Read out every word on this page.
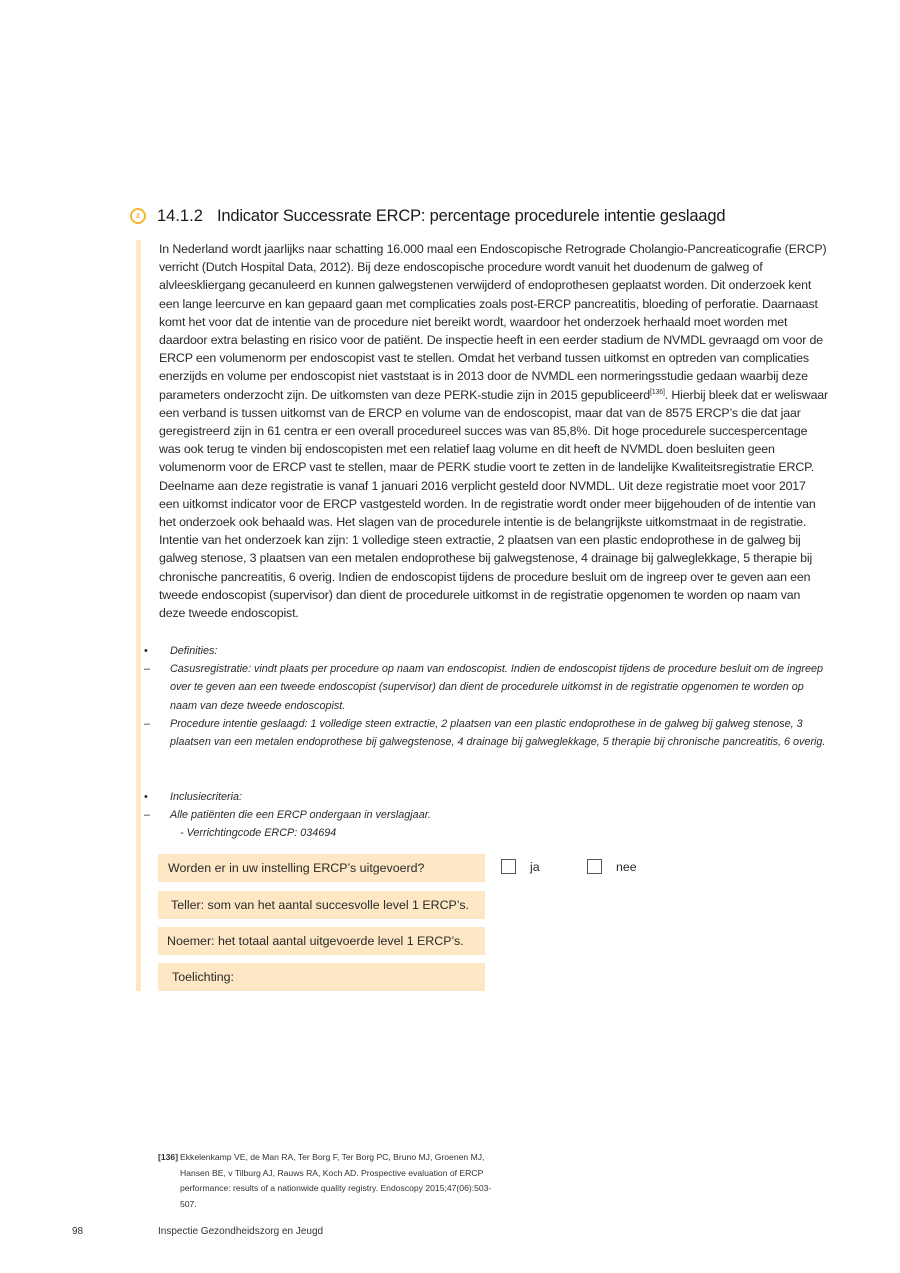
z	14.1.2 Indicator Successrate ERCP: percentage procedurele intentie geslaagd
In Nederland wordt jaarlijks naar schatting 16.000 maal een Endoscopische Retrograde Cholangio-Pancreaticografie (ERCP) verricht (Dutch Hospital Data, 2012). Bij deze endoscopische procedure wordt vanuit het duodenum de galweg of alvleeskliergang gecanuleerd en kunnen galwegstenen verwijderd of endoprothesen geplaatst worden. Dit onderzoek kent een lange leercurve en kan gepaard gaan met complicaties zoals post-ERCP pancreatitis, bloeding of perforatie. Daarnaast komt het voor dat de intentie van de procedure niet bereikt wordt, waardoor het onderzoek herhaald moet worden met daardoor extra belasting en risico voor de patiënt. De inspectie heeft in een eerder stadium de NVMDL gevraagd om voor de ERCP een volumenorm per endoscopist vast te stellen. Omdat het verband tussen uitkomst en optreden van complicaties enerzijds en volume per endoscopist niet vaststaat is in 2013 door de NVMDL een normeringsstudie gedaan waarbij deze parameters onderzocht zijn. De uitkomsten van deze PERK-studie zijn in 2015 gepubliceerd[136]. Hierbij bleek dat er weliswaar een verband is tussen uitkomst van de ERCP en volume van de endoscopist, maar dat van de 8575 ERCP’s die dat jaar geregistreerd zijn in 61 centra er een overall procedureel succes was van 85,8%. Dit hoge procedurele succespercentage was ook terug te vinden bij endoscopisten met een relatief laag volume en dit heeft de NVMDL doen besluiten geen volumenorm voor de ERCP vast te stellen, maar de PERK studie voort te zetten in de landelijke Kwaliteitsregistratie ERCP. Deelname aan deze registratie is vanaf 1 januari 2016 verplicht gesteld door NVMDL. Uit deze registratie moet voor 2017 een uitkomst indicator voor de ERCP vastgesteld worden. In de registratie wordt onder meer bijgehouden of de intentie van het onderzoek ook behaald was. Het slagen van de procedurele intentie is de belangrijkste uitkomstmaat in de registratie. Intentie van het onderzoek kan zijn: 1 volledige steen extractie, 2 plaatsen van een plastic endoprothese in de galweg bij galweg stenose, 3 plaatsen van een metalen endoprothese bij galwegstenose, 4 drainage bij galweglekkage, 5 therapie bij chronische pancreatitis, 6 overig. Indien de endoscopist tijdens de procedure besluit om de ingreep over te geven aan een tweede endoscopist (supervisor) dan dient de procedurele uitkomst in de registratie opgenomen te worden op naam van deze tweede endoscopist.
•	Definities:
–	Casusregistratie: vindt plaats per procedure op naam van endoscopist. Indien de endoscopist tijdens de procedure besluit om de ingreep over te geven aan een tweede endoscopist (supervisor) dan dient de procedurele uitkomst in de registratie opgenomen te worden op naam van deze tweede endoscopist.
–	Procedure intentie geslaagd: 1 volledige steen extractie, 2 plaatsen van een plastic endoprothese in de galweg bij galweg stenose, 3 plaatsen van een metalen endoprothese bij galwegstenose, 4 drainage bij galweglekkage, 5 therapie bij chronische pancreatitis, 6 overig.
•	Inclusiecriteria:
–	Alle patiënten die een ERCP ondergaan in verslagjaar.
- Verrichtingcode ERCP: 034694
Worden er in uw instelling ERCP’s uitgevoerd?	ja	nee
Teller: som van het aantal succesvolle level 1 ERCP’s.
Noemer: het totaal aantal uitgevoerde level 1 ERCP’s.
Toelichting:
[136] Ekkelenkamp VE, de Man RA, Ter Borg F, Ter Borg PC, Bruno MJ, Groenen MJ, Hansen BE, v Tilburg AJ, Rauws RA, Koch AD. Prospective evaluation of ERCP performance: results of a nationwide quality registry. Endoscopy 2015;47(06):503-507.
98	Inspectie Gezondheidszorg en Jeugd
